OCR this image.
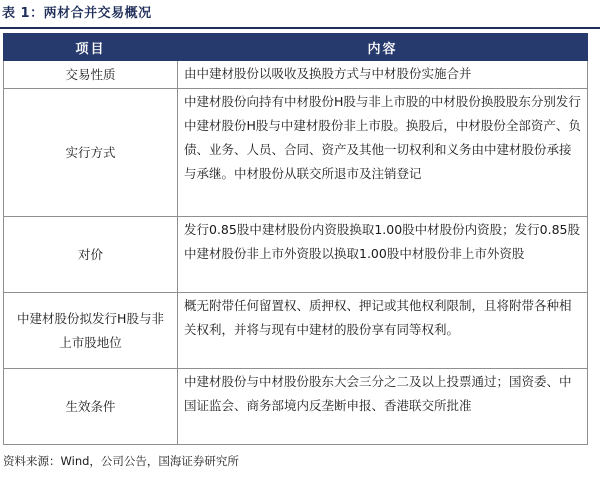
表 1：两材合并交易概况
项目	内容
交易性质	由中建材股份以吸收及换股方式与中材股份实施合并

实行方式	中建材股份向持有中材股份H股与非上市股的中材股份换股股东分别发行中建材股份H股与中建材股份非上市股。换股后，中材股份全部资产、负债、业务、人员、合同、资产及其他一切权利和义务由中建材股份承接与承继。中材股份从联交所退市及注销登记

对价	发行0.85股中建材股份内资股换取1.00股中材股份内资股；发行0.85股中建材股份非上市外资股以换取1.00股中材股份非上市外资股

中建材股份拟发行H股与非上市股地位	概无附带任何留置权、质押权、押记或其他权利限制，且将附带各种相关权利，并将与现有中建材的股份享有同等权利。

生效条件	中建材股份与中材股份股东大会三分之二及以上投票通过；国资委、中国证监会、商务部境内反垄断申报、香港联交所批准
资料来源：Wind，公司公告，国海证券研究所
